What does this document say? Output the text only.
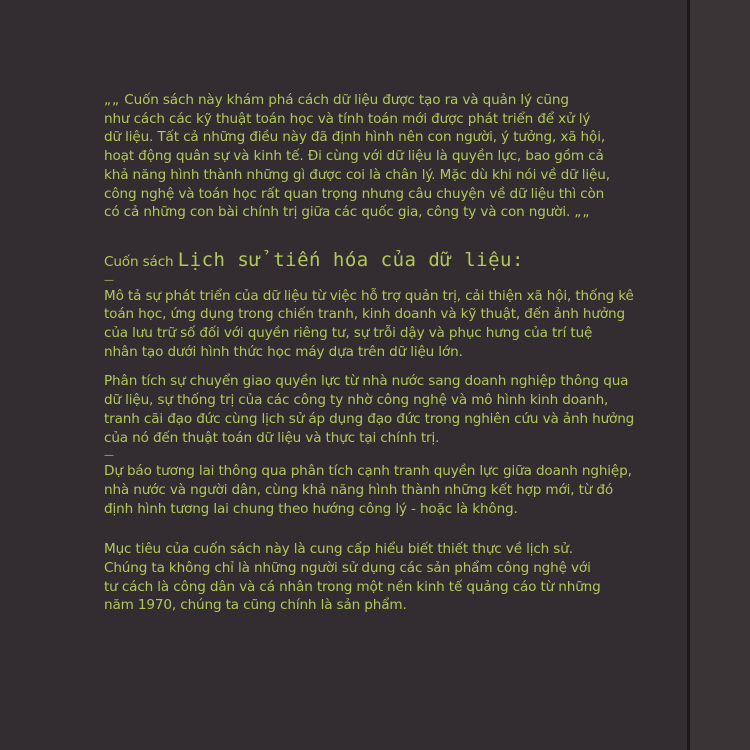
„„ Cuốn sách này khám phá cách dữ liệu được tạo ra và quản lý cũng
như cách các kỹ thuật toán học và tính toán mới được phát triển để xử lý
dữ liệu. Tất cả những điều này đã định hình nên con người, ý tưởng, xã hội,
hoạt động quân sự và kinh tế. Đi cùng với dữ liệu là quyền lực, bao gồm cả
khả năng hình thành những gì được coi là chân lý. Mặc dù khi nói về dữ liệu,
công nghệ và toán học rất quan trọng nhưng câu chuyện về dữ liệu thì còn
có cả những con bài chính trị giữa các quốc gia, công ty và con người. „„

Cuốn sách Lịch sử tiến hóa của dữ liệu:

—

Mô tả sự phát triển của dữ liệu từ việc hỗ trợ quản trị, cải thiện xã hội, thống kê
toán học, ứng dụng trong chiến tranh, kinh doanh và kỹ thuật, đến ảnh hưởng
của lưu trữ số đối với quyền riêng tư, sự trỗi dậy và phục hưng của trí tuệ
nhân tạo dưới hình thức học máy dựa trên dữ liệu lớn.

Phân tích sự chuyển giao quyền lực từ nhà nước sang doanh nghiệp thông qua
dữ liệu, sự thống trị của các công ty nhờ công nghệ và mô hình kinh doanh,
tranh cãi đạo đức cùng lịch sử áp dụng đạo đức trong nghiên cứu và ảnh hưởng
của nó đến thuật toán dữ liệu và thực tại chính trị.

—

Dự báo tương lai thông qua phân tích cạnh tranh quyền lực giữa doanh nghiệp,
nhà nước và người dân, cùng khả năng hình thành những kết hợp mới, từ đó
định hình tương lai chung theo hướng công lý - hoặc là không.

Mục tiêu của cuốn sách này là cung cấp hiểu biết thiết thực về lịch sử.
Chúng ta không chỉ là những người sử dụng các sản phẩm công nghệ với
tư cách là công dân và cá nhân trong một nền kinh tế quảng cáo từ những
năm 1970, chúng ta cũng chính là sản phẩm.
